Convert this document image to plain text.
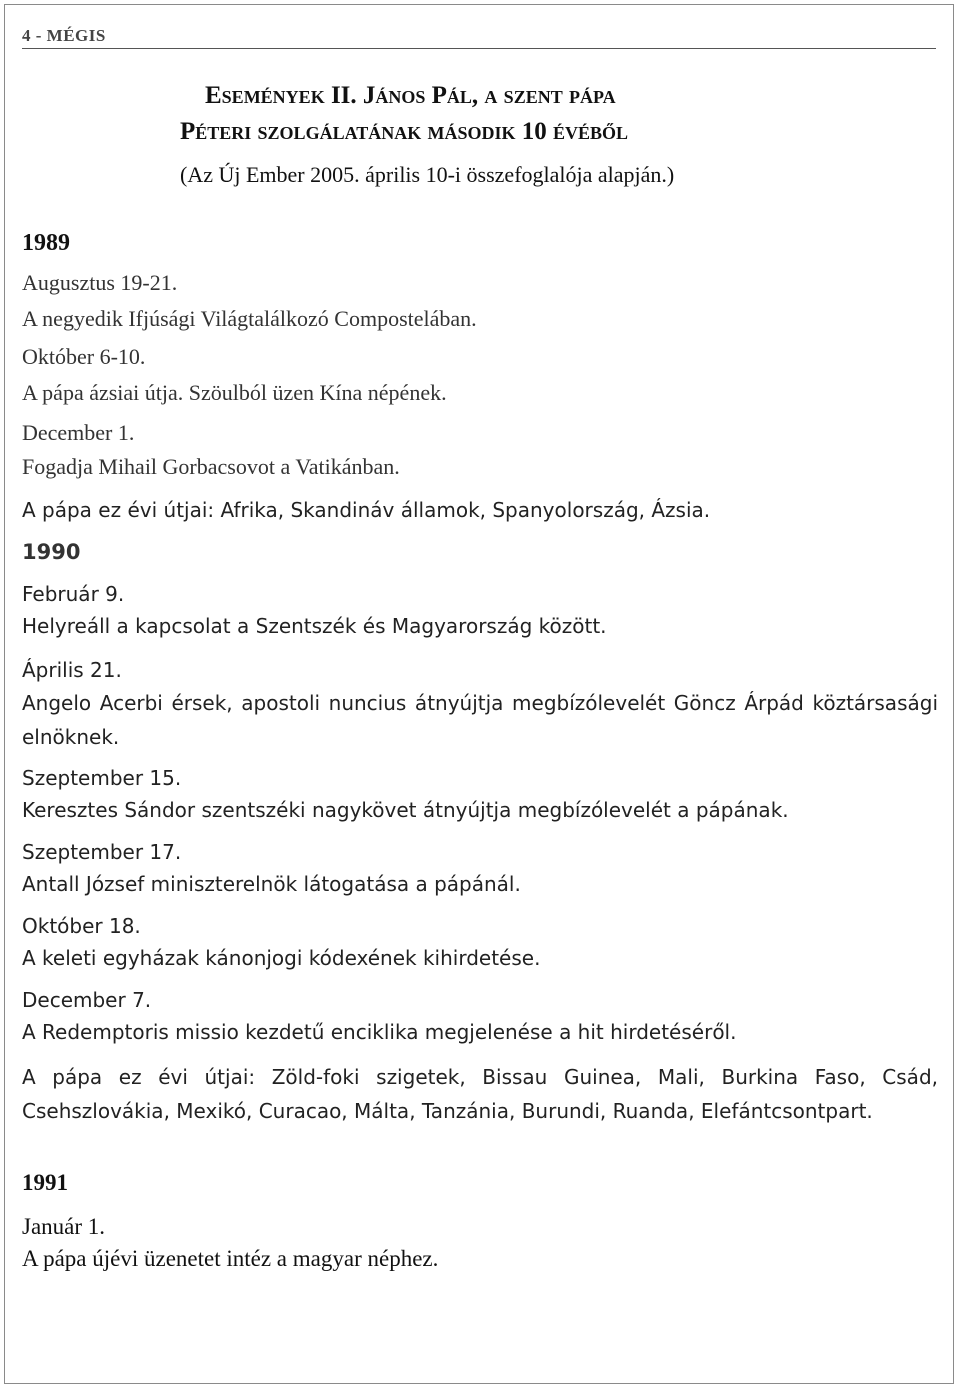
4 - MÉGIS
Események II. János Pál, a szent pápa
Péteri szolgálatának második 10 évéből
(Az Új Ember 2005. április 10-i összefoglalója alapján.)
1989
Augusztus 19-21.
A negyedik Ifjúsági Világtalálkozó Compostelában.
Október 6-10.
A pápa ázsiai útja. Szöulból üzen Kína népének.
December 1.
Fogadja Mihail Gorbacsovot a Vatikánban.
A pápa ez évi útjai: Afrika, Skandináv államok, Spanyolország, Ázsia.
1990
Február 9.
Helyreáll a kapcsolat a Szentszék és Magyarország között.
Április 21.
Angelo Acerbi érsek, apostoli nuncius átnyújtja megbízólevelét Göncz Árpád köztársasági elnöknek.
Szeptember 15.
Keresztes Sándor szentszéki nagykövet átnyújtja megbízólevelét a pápának.
Szeptember 17.
Antall József miniszterelnök látogatása a pápánál.
Október 18.
A keleti egyházak kánonjogi kódexének kihirdetése.
December 7.
A Redemptoris missio kezdetű enciklika megjelenése a hit hirdetéséről.
A pápa ez évi útjai: Zöld-foki szigetek, Bissau Guinea, Mali, Burkina Faso, Csád, Csehszlovákia, Mexikó, Curacao, Málta, Tanzánia, Burundi, Ruanda, Elefántcsontpart.
1991
Január 1.
A pápa újévi üzenetet intéz a magyar néphez.
